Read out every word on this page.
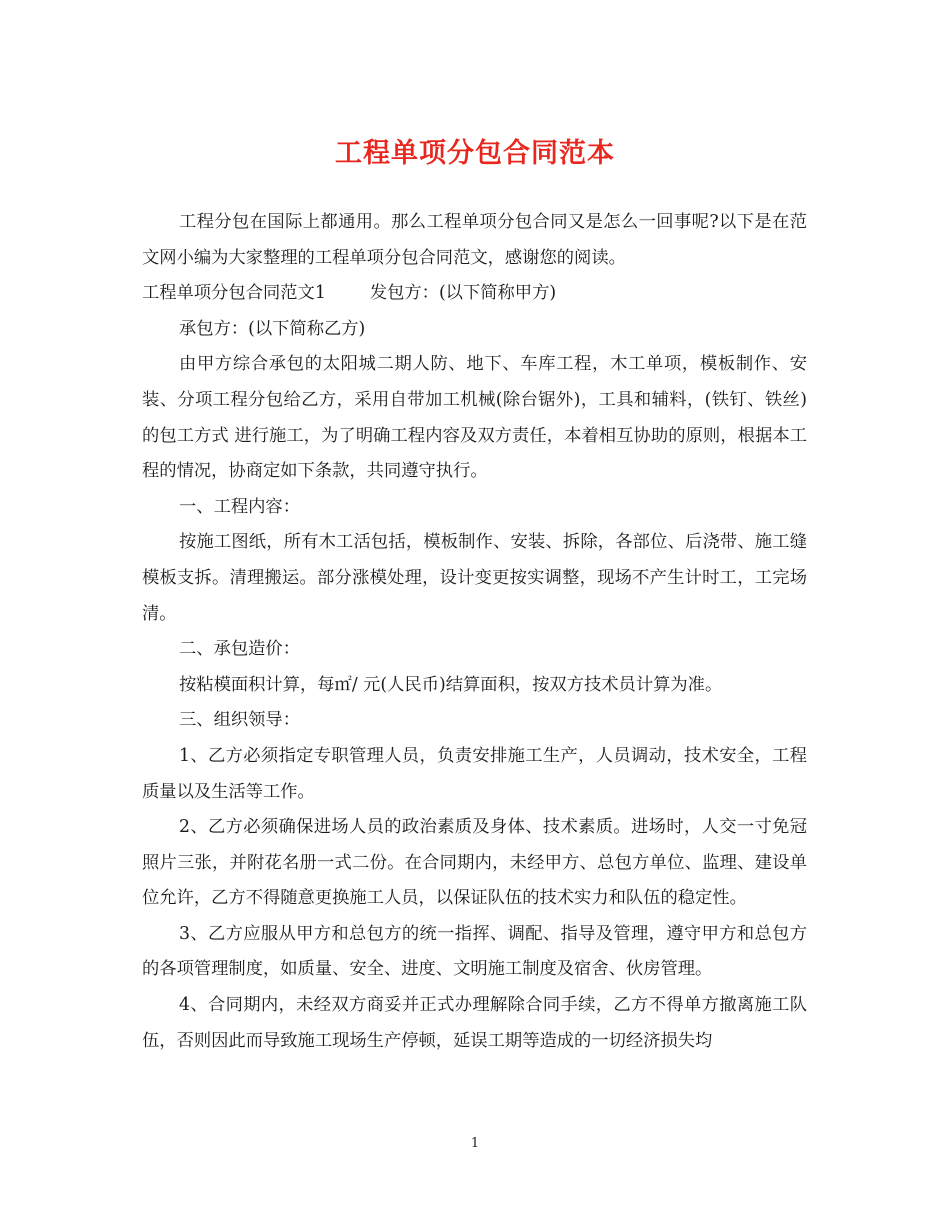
工程单项分包合同范本

工程分包在国际上都通用。那么工程单项分包合同又是怎么一回事呢?以下是在范文网小编为大家整理的工程单项分包合同范文，感谢您的阅读。

工程单项分包合同范文1	发包方：(以下简称甲方)

承包方：(以下简称乙方)

由甲方综合承包的太阳城二期人防、地下、车库工程，木工单项，模板制作、安装、分项工程分包给乙方，采用自带加工机械(除台锯外)，工具和辅料，(铁钉、铁丝)的包工方式 进行施工，为了明确工程内容及双方责任，本着相互协助的原则，根据本工程的情况，协商定如下条款，共同遵守执行。

一、工程内容：

按施工图纸，所有木工活包括，模板制作、安装、拆除，各部位、后浇带、施工缝模板支拆。清理搬运。部分涨模处理，设计变更按实调整，现场不产生计时工，工完场清。

二、承包造价：

按粘模面积计算，每㎡/ 元(人民币)结算面积，按双方技术员计算为准。

三、组织领导：

1、乙方必须指定专职管理人员，负责安排施工生产，人员调动，技术安全，工程质量以及生活等工作。

2、乙方必须确保进场人员的政治素质及身体、技术素质。进场时，人交一寸免冠照片三张，并附花名册一式二份。在合同期内，未经甲方、总包方单位、监理、建设单位允许，乙方不得随意更换施工人员，以保证队伍的技术实力和队伍的稳定性。

3、乙方应服从甲方和总包方的统一指挥、调配、指导及管理，遵守甲方和总包方的各项管理制度，如质量、安全、进度、文明施工制度及宿舍、伙房管理。

4、合同期内，未经双方商妥并正式办理解除合同手续，乙方不得单方撤离施工队伍，否则因此而导致施工现场生产停顿，延误工期等造成的一切经济损失均

1
